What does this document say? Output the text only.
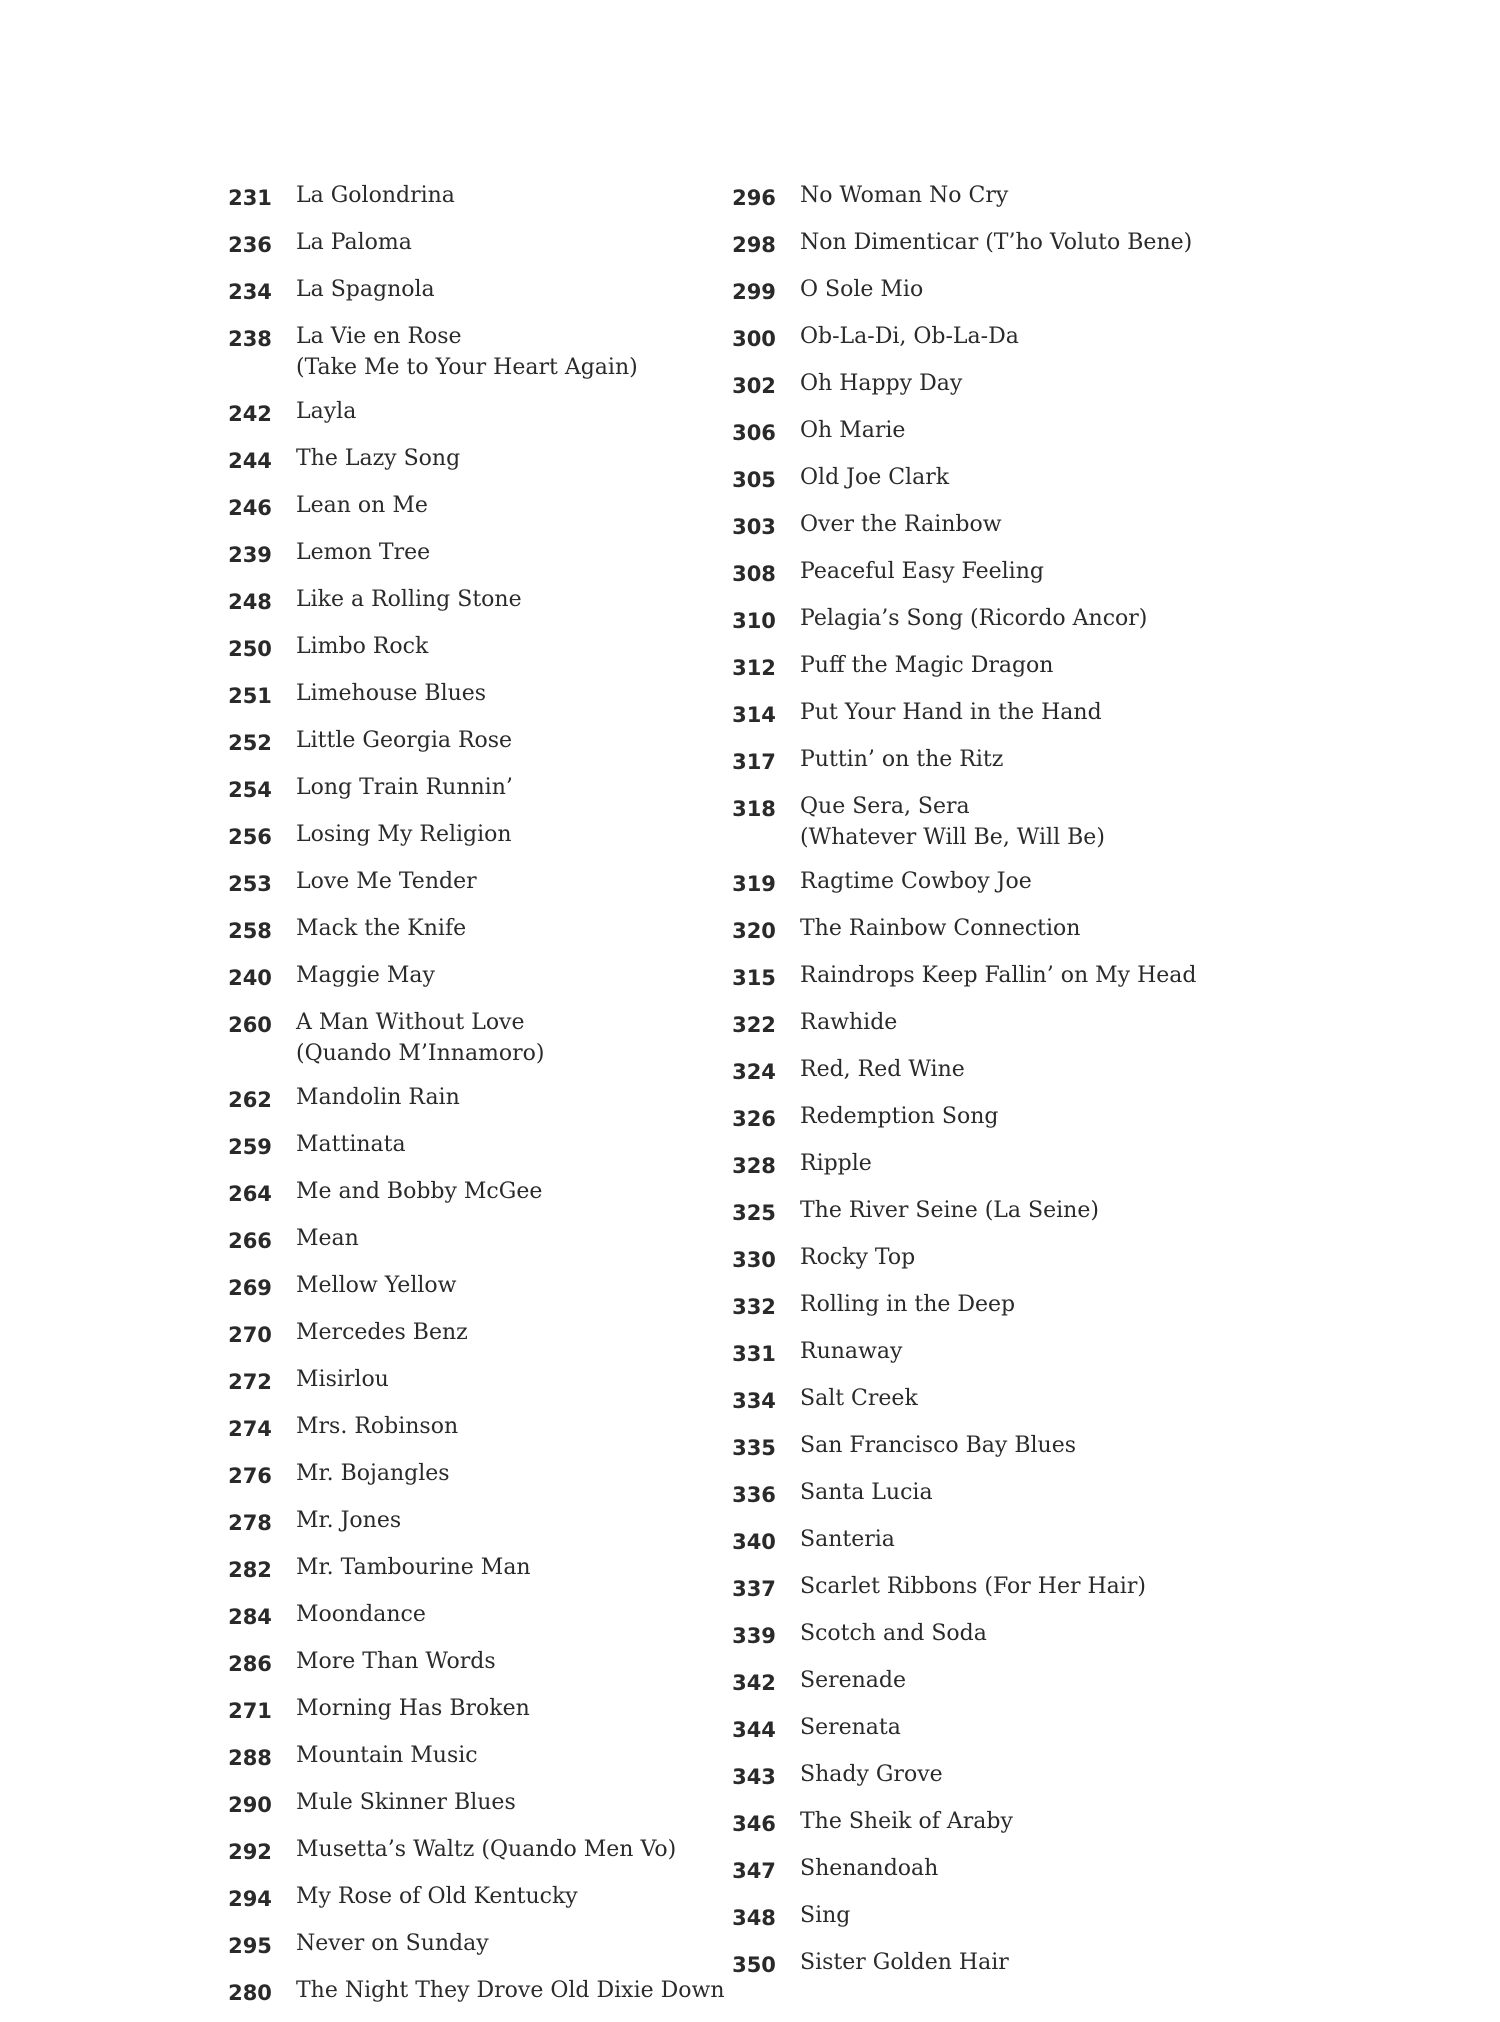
231	La Golondrina
236	La Paloma
234	La Spagnola
238	La Vie en Rose
(Take Me to Your Heart Again)
242	Layla
244	The Lazy Song
246	Lean on Me
239	Lemon Tree
248	Like a Rolling Stone
250	Limbo Rock
251	Limehouse Blues
252	Little Georgia Rose
254	Long Train Runnin’
256	Losing My Religion
253	Love Me Tender
258	Mack the Knife
240	Maggie May
260	A Man Without Love
(Quando M’Innamoro)
262	Mandolin Rain
259	Mattinata
264	Me and Bobby McGee
266	Mean
269	Mellow Yellow
270	Mercedes Benz
272	Misirlou
274	Mrs. Robinson
276	Mr. Bojangles
278	Mr. Jones
282	Mr. Tambourine Man
284	Moondance
286	More Than Words
271	Morning Has Broken
288	Mountain Music
290	Mule Skinner Blues
292	Musetta’s Waltz (Quando Men Vo)
294	My Rose of Old Kentucky
295	Never on Sunday
280	The Night They Drove Old Dixie Down
296	No Woman No Cry
298	Non Dimenticar (T’ho Voluto Bene)
299	O Sole Mio
300	Ob-La-Di, Ob-La-Da
302	Oh Happy Day
306	Oh Marie
305	Old Joe Clark
303	Over the Rainbow
308	Peaceful Easy Feeling
310	Pelagia’s Song (Ricordo Ancor)
312	Puff the Magic Dragon
314	Put Your Hand in the Hand
317	Puttin’ on the Ritz
318	Que Sera, Sera
(Whatever Will Be, Will Be)
319	Ragtime Cowboy Joe
320	The Rainbow Connection
315	Raindrops Keep Fallin’ on My Head
322	Rawhide
324	Red, Red Wine
326	Redemption Song
328	Ripple
325	The River Seine (La Seine)
330	Rocky Top
332	Rolling in the Deep
331	Runaway
334	Salt Creek
335	San Francisco Bay Blues
336	Santa Lucia
340	Santeria
337	Scarlet Ribbons (For Her Hair)
339	Scotch and Soda
342	Serenade
344	Serenata
343	Shady Grove
346	The Sheik of Araby
347	Shenandoah
348	Sing
350	Sister Golden Hair
